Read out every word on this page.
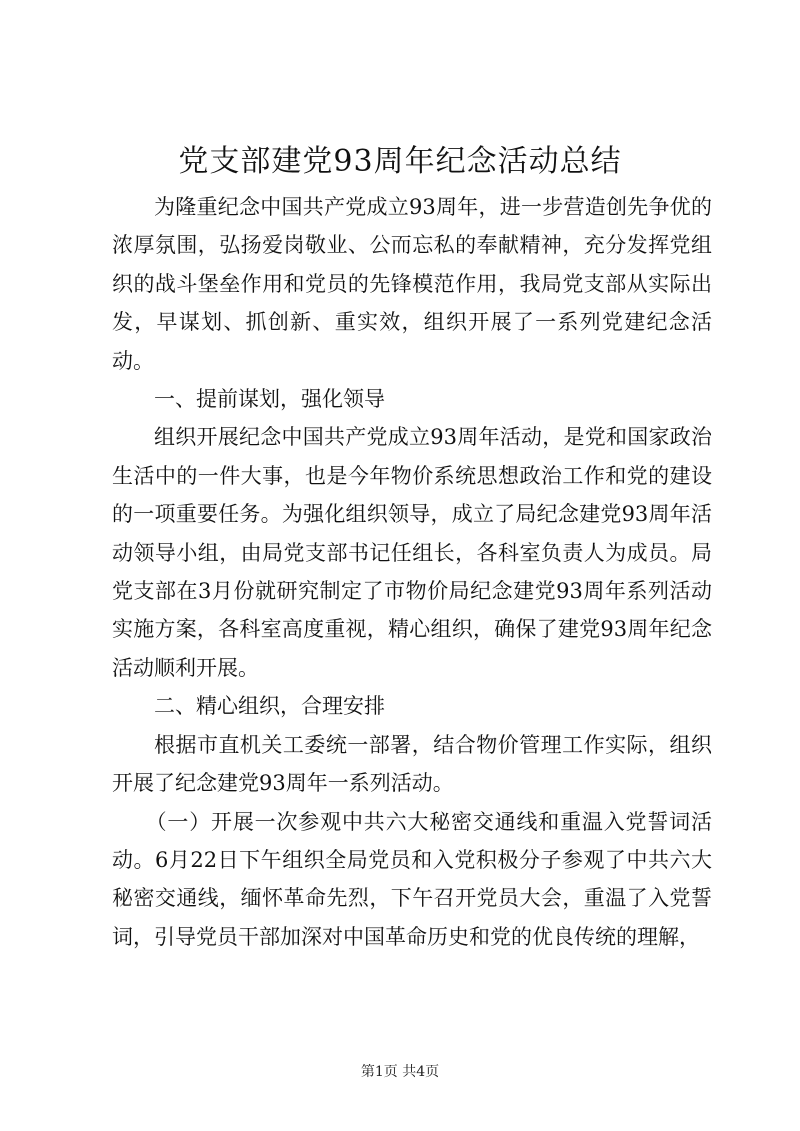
党支部建党93周年纪念活动总结

为隆重纪念中国共产党成立93周年，进一步营造创先争优的浓厚氛围，弘扬爱岗敬业、公而忘私的奉献精神，充分发挥党组织的战斗堡垒作用和党员的先锋模范作用，我局党支部从实际出发，早谋划、抓创新、重实效，组织开展了一系列党建纪念活动。

一、提前谋划，强化领导

组织开展纪念中国共产党成立93周年活动，是党和国家政治生活中的一件大事，也是今年物价系统思想政治工作和党的建设的一项重要任务。为强化组织领导，成立了局纪念建党93周年活动领导小组，由局党支部书记任组长，各科室负责人为成员。局党支部在3月份就研究制定了市物价局纪念建党93周年系列活动实施方案，各科室高度重视，精心组织，确保了建党93周年纪念活动顺利开展。

二、精心组织，合理安排

根据市直机关工委统一部署，结合物价管理工作实际，组织开展了纪念建党93周年一系列活动。

（一）开展一次参观中共六大秘密交通线和重温入党誓词活动。6月22日下午组织全局党员和入党积极分子参观了中共六大秘密交通线，缅怀革命先烈，下午召开党员大会，重温了入党誓词，引导党员干部加深对中国革命历史和党的优良传统的理解，

第1页 共4页
